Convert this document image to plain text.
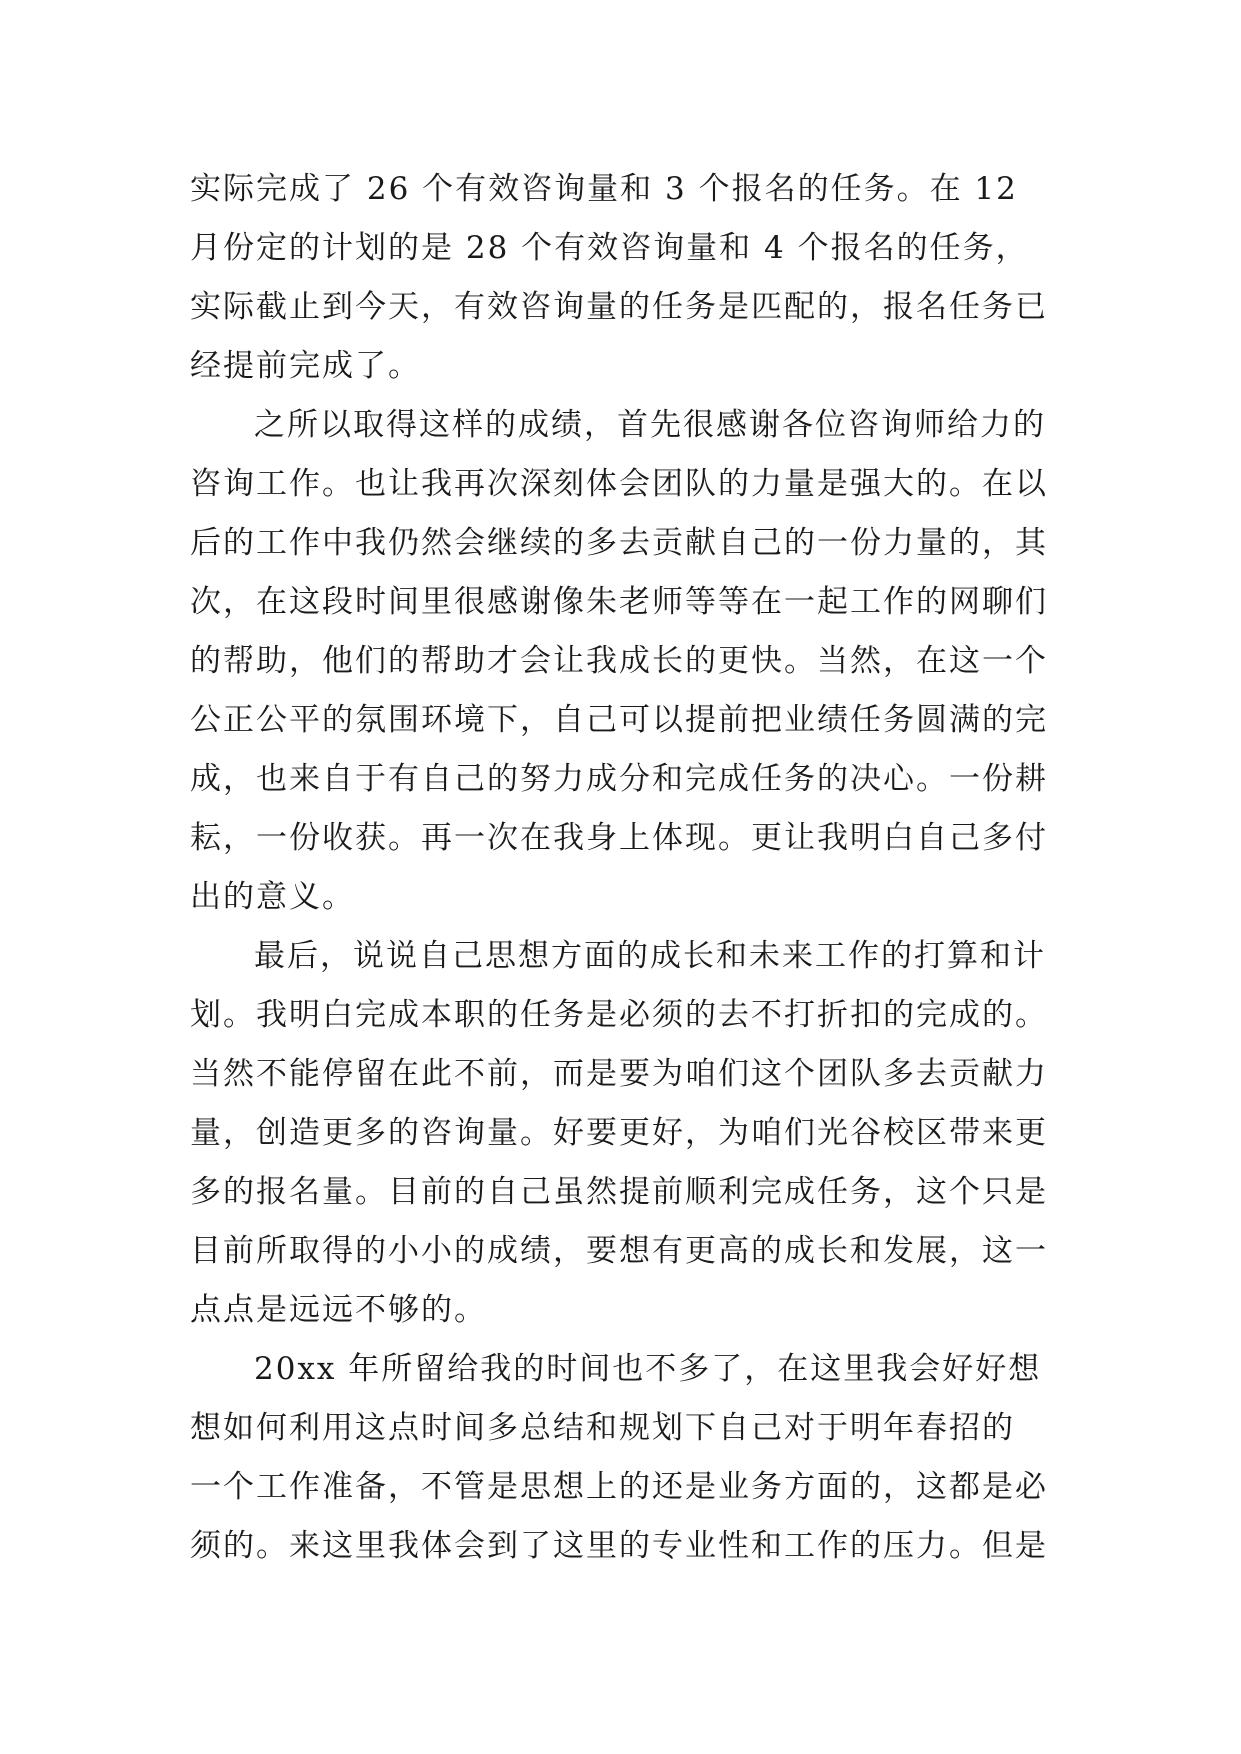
实际完成了 26 个有效咨询量和 3 个报名的任务。在 12
月份定的计划的是 28 个有效咨询量和 4 个报名的任务，
实际截止到今天，有效咨询量的任务是匹配的，报名任务已
经提前完成了。
之所以取得这样的成绩，首先很感谢各位咨询师给力的
咨询工作。也让我再次深刻体会团队的力量是强大的。在以
后的工作中我仍然会继续的多去贡献自己的一份力量的，其
次，在这段时间里很感谢像朱老师等等在一起工作的网聊们
的帮助，他们的帮助才会让我成长的更快。当然，在这一个
公正公平的氛围环境下，自己可以提前把业绩任务圆满的完
成，也来自于有自己的努力成分和完成任务的决心。一份耕
耘，一份收获。再一次在我身上体现。更让我明白自己多付
出的意义。
最后，说说自己思想方面的成长和未来工作的打算和计
划。我明白完成本职的任务是必须的去不打折扣的完成的。
当然不能停留在此不前，而是要为咱们这个团队多去贡献力
量，创造更多的咨询量。好要更好，为咱们光谷校区带来更
多的报名量。目前的自己虽然提前顺利完成任务，这个只是
目前所取得的小小的成绩，要想有更高的成长和发展，这一
点点是远远不够的。
20xx 年所留给我的时间也不多了，在这里我会好好想
想如何利用这点时间多总结和规划下自己对于明年春招的
一个工作准备，不管是思想上的还是业务方面的，这都是必
须的。来这里我体会到了这里的专业性和工作的压力。但是
